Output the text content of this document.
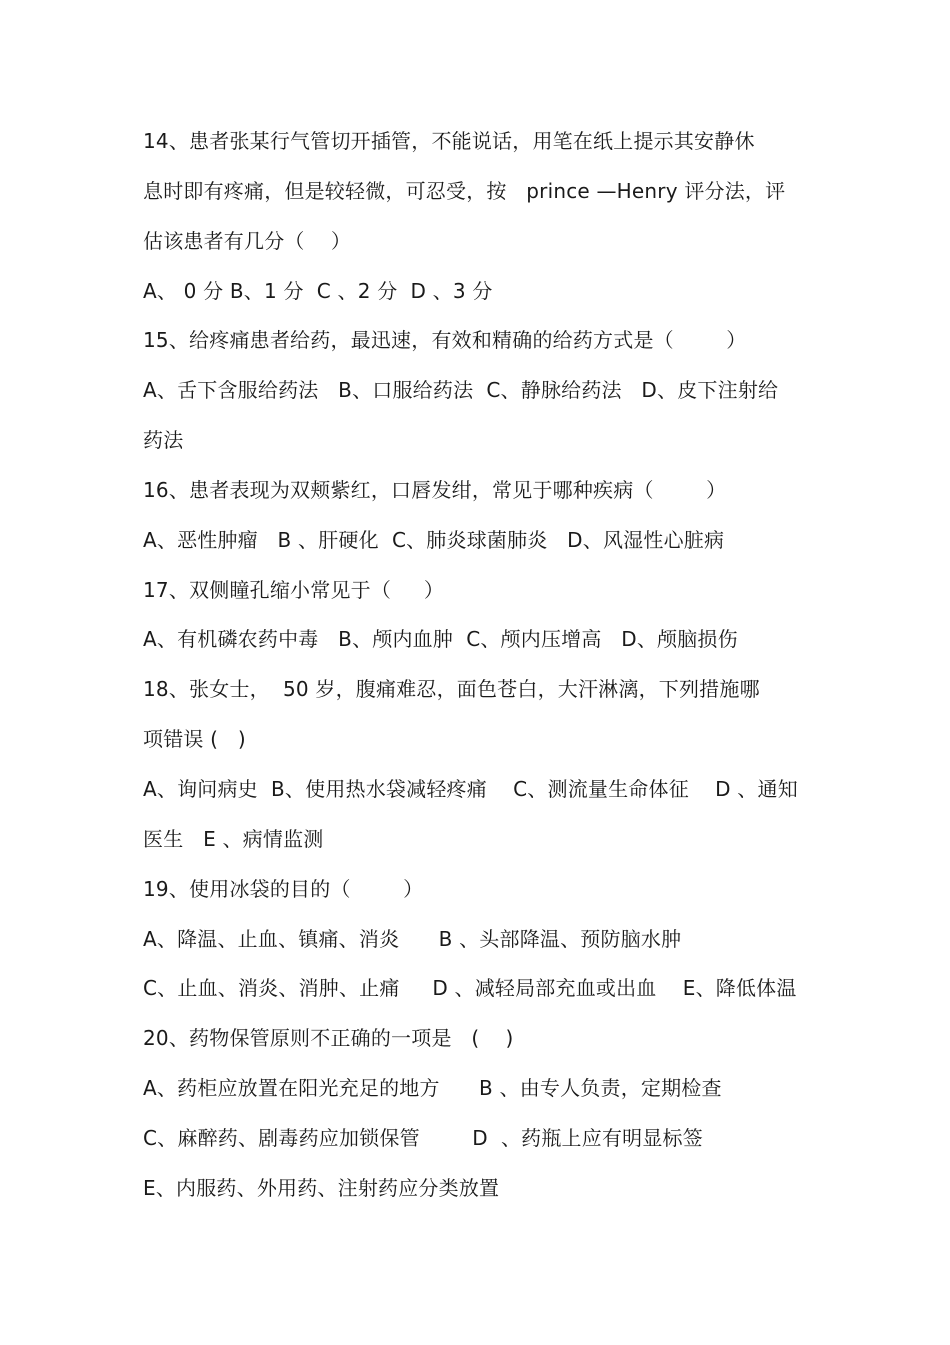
14、患者张某行气管切开插管，不能说话，用笔在纸上提示其安静休
息时即有疼痛，但是较轻微，可忍受，按   prince —Henry 评分法，评
估该患者有几分（    ）
A、 0 分 B、1 分  C 、2 分  D 、3 分
15、给疼痛患者给药，最迅速，有效和精确的给药方式是（        ）
A、舌下含服给药法   B、口服给药法  C、静脉给药法   D、皮下注射给
药法
16、患者表现为双颊紫红，口唇发绀，常见于哪种疾病（        ）
A、恶性肿瘤   B 、肝硬化  C、肺炎球菌肺炎   D、风湿性心脏病
17、双侧瞳孔缩小常见于（     ）
A、有机磷农药中毒   B、颅内血肿  C、颅内压增高   D、颅脑损伤
18、张女士，  50 岁，腹痛难忍，面色苍白，大汗淋漓，下列措施哪
项错误 (   )
A、询问病史  B、使用热水袋减轻疼痛    C、测流量生命体征    D 、通知
医生   E 、病情监测
19、使用冰袋的目的（        ）
A、降温、止血、镇痛、消炎      B 、头部降温、预防脑水肿
C、止血、消炎、消肿、止痛     D 、减轻局部充血或出血    E、降低体温
20、药物保管原则不正确的一项是   (    )
A、药柜应放置在阳光充足的地方      B 、由专人负责，定期检查
C、麻醉药、剧毒药应加锁保管        D  、药瓶上应有明显标签
E、内服药、外用药、注射药应分类放置
